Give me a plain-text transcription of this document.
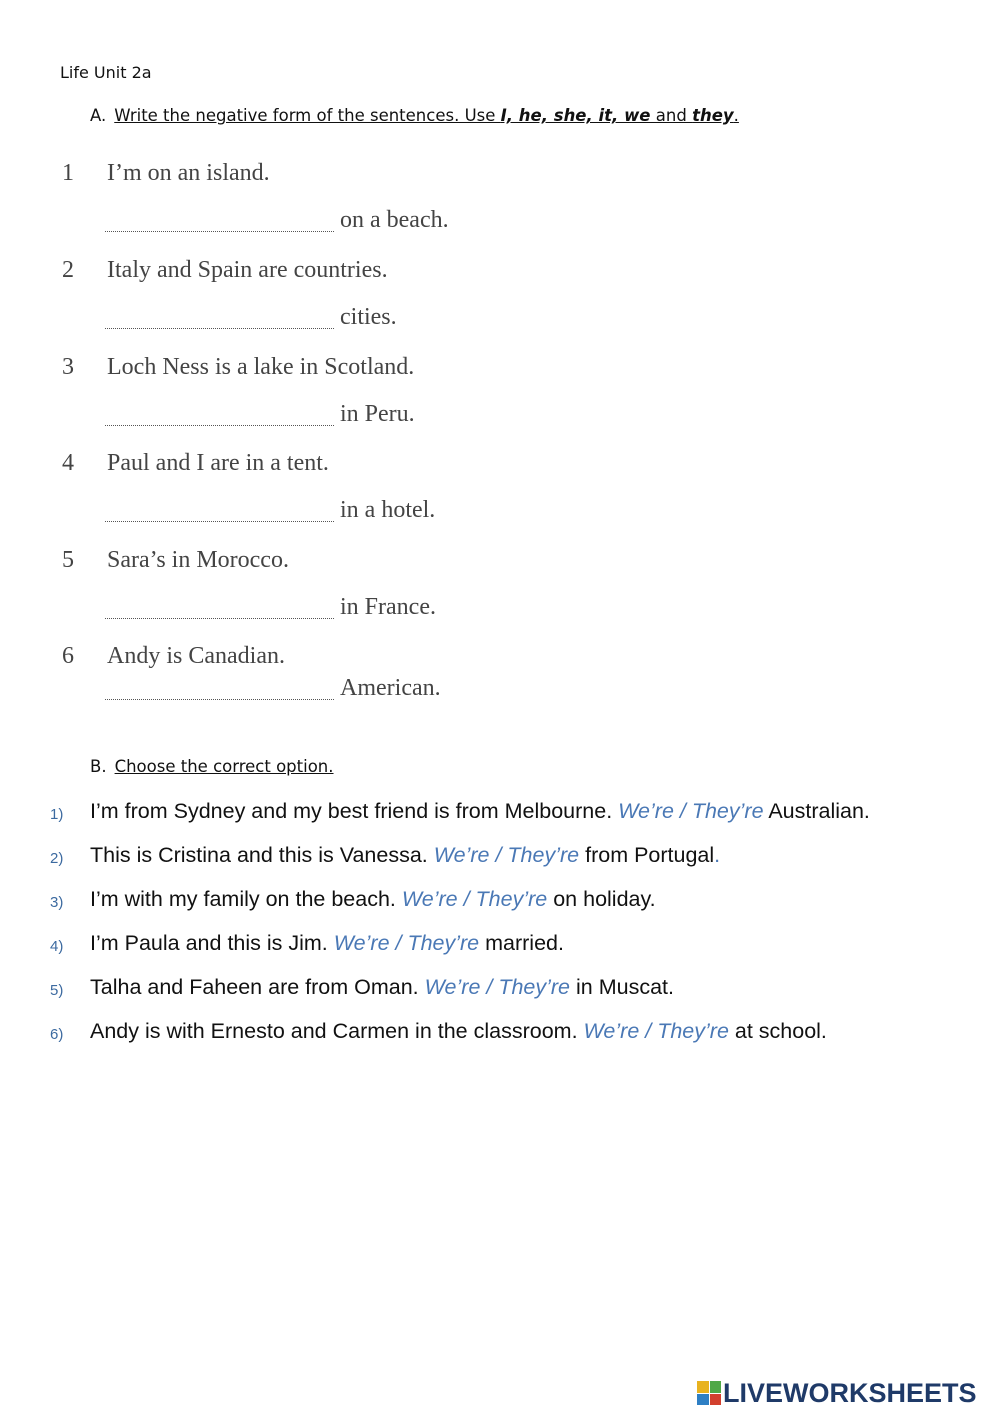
Life Unit 2a
A. Write the negative form of the sentences. Use I, he, she, it, we and they.
1 I’m on an island.
on a beach.
2 Italy and Spain are countries.
cities.
3 Loch Ness is a lake in Scotland.
in Peru.
4 Paul and I are in a tent.
in a hotel.
5 Sara’s in Morocco.
in France.
6 Andy is Canadian.
American.
B. Choose the correct option.
1) I’m from Sydney and my best friend is from Melbourne. We’re / They’re Australian.
2) This is Cristina and this is Vanessa. We’re / They’re from Portugal.
3) I’m with my family on the beach. We’re / They’re on holiday.
4) I’m Paula and this is Jim. We’re / They’re married.
5) Talha and Faheen are from Oman. We’re / They’re in Muscat.
6) Andy is with Ernesto and Carmen in the classroom. We’re / They’re at school.
LIVEWORKSHEETS
